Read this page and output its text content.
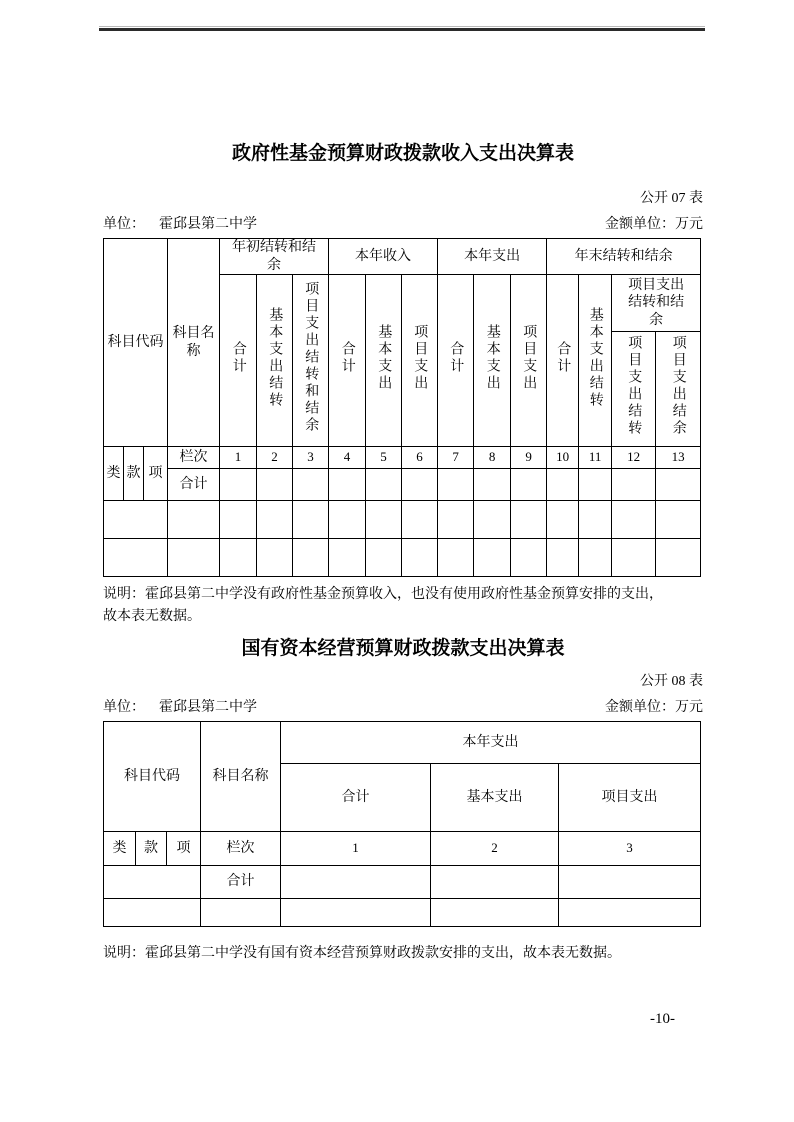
政府性基金预算财政拨款收入支出决算表
公开 07 表
单位： 霍邱县第二中学	金额单位：万元
科目代码			科目名称	年初结转和结余			本年收入			本年支出			年末结转和结余			
				合计	基本支出结转	项目支出结转和结余	合计	基本支出	项目支出	合计	基本支出	项目支出	合计	基本支出结转	项目支出结转和结余	
															项目支出结转	项目支出结余
类	款	项	栏次	1	2	3	4	5	6	7	8	9	10	11	12	13
			合计													

说明：霍邱县第二中学没有政府性基金预算收入，也没有使用政府性基金预算安排的支出，
故本表无数据。
国有资本经营预算财政拨款支出决算表
公开 08 表
单位： 霍邱县第二中学	金额单位：万元
科目代码			科目名称	本年支出		
				合计	基本支出	项目支出
类	款	项	栏次	1	2	3
			合计			

说明：霍邱县第二中学没有国有资本经营预算财政拨款安排的支出，故本表无数据。
-10-
